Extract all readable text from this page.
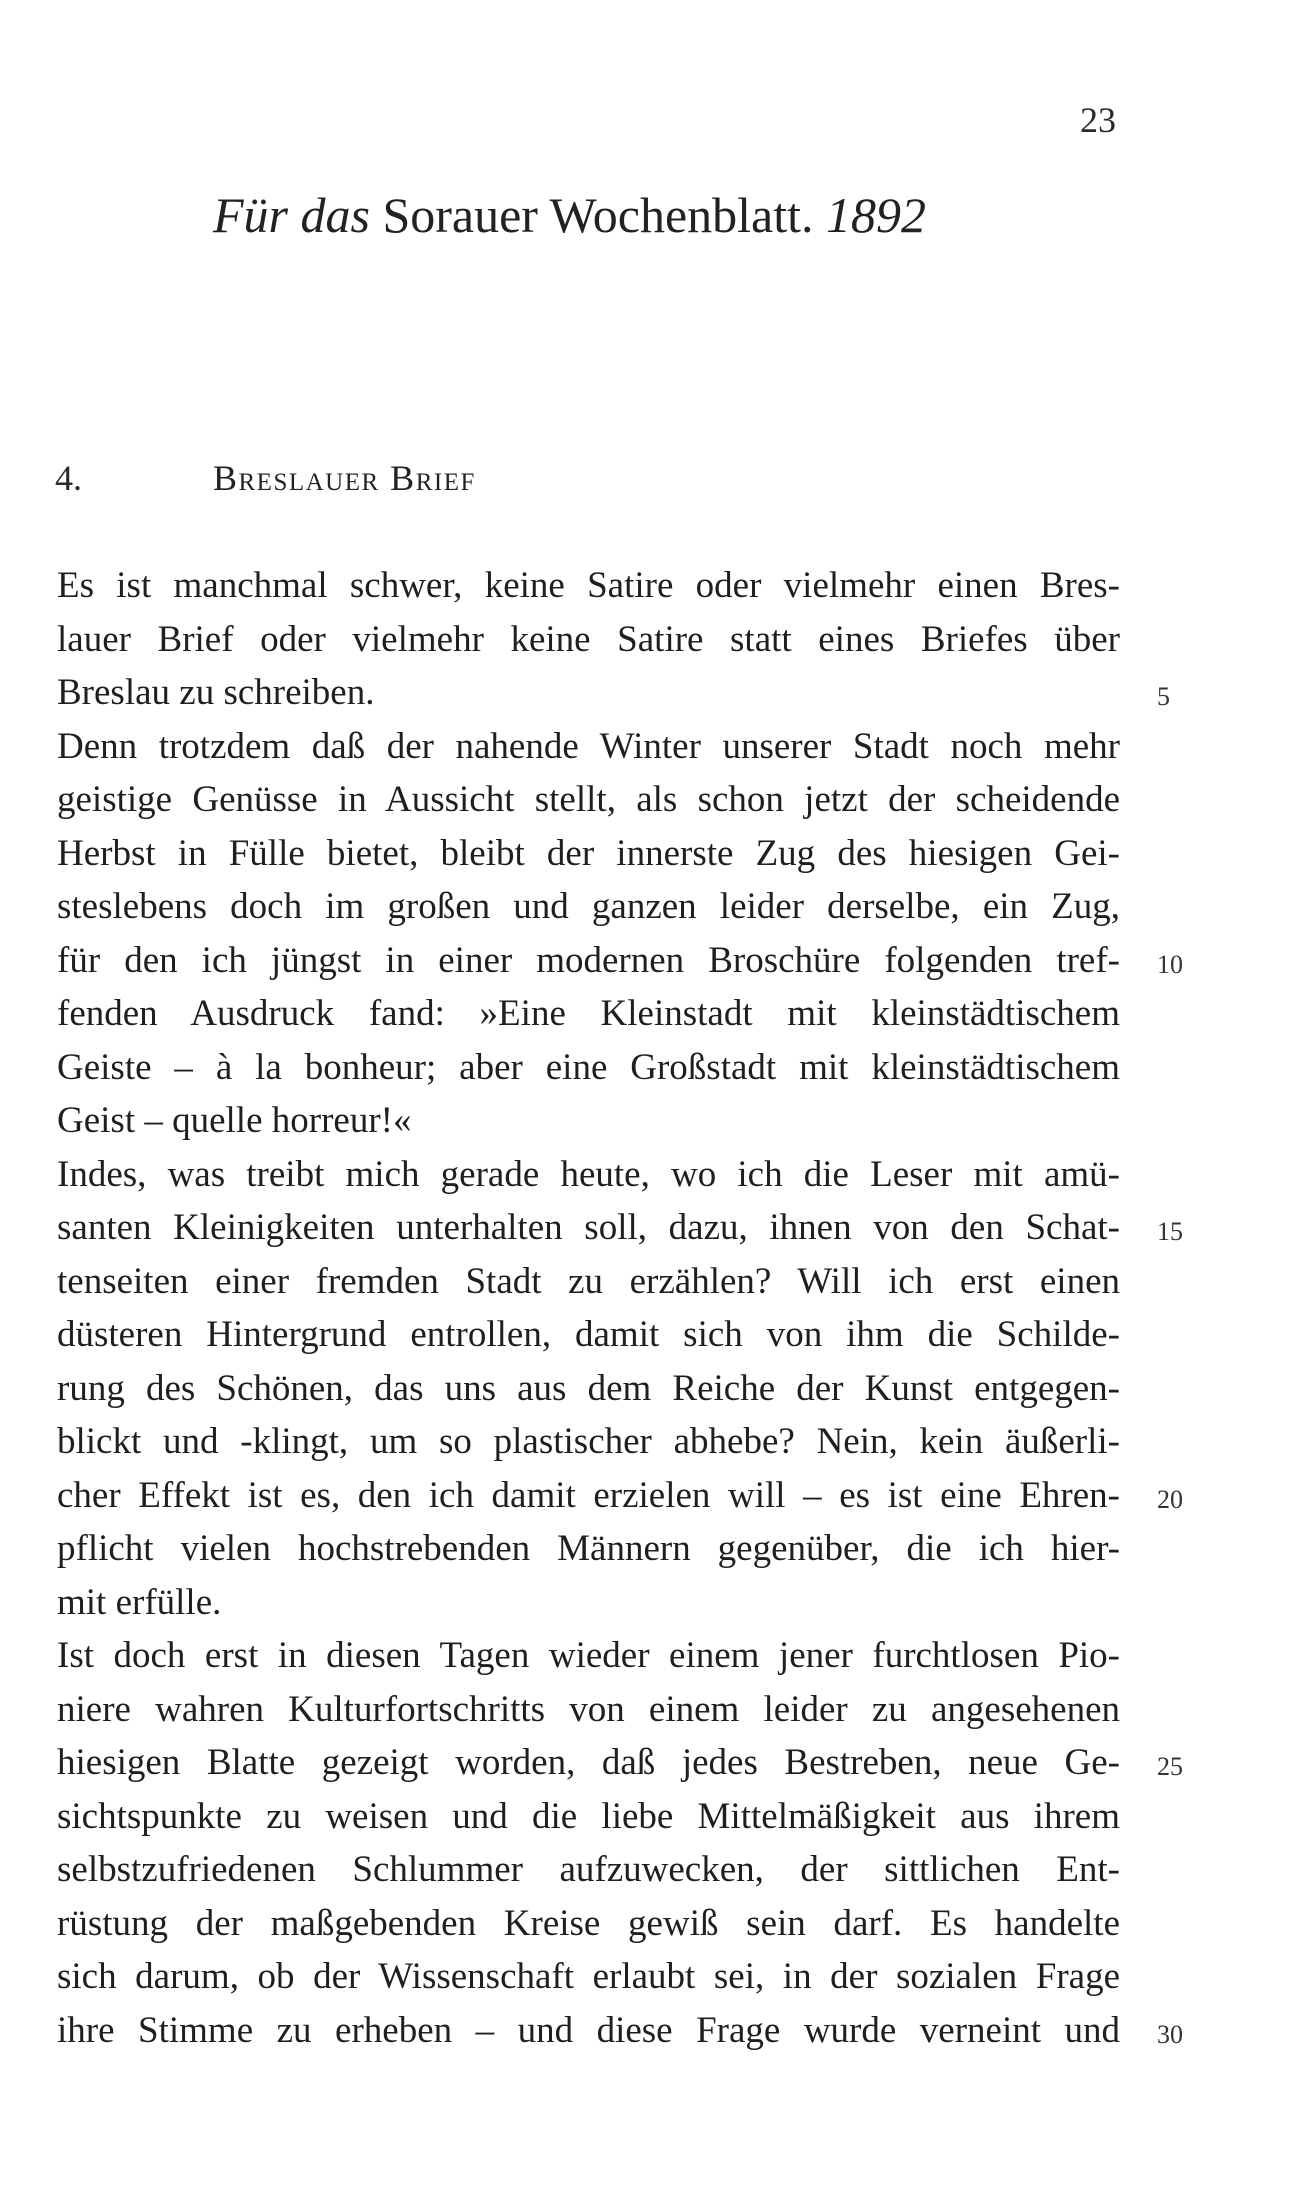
23
Für das Sorauer Wochenblatt. 1892
4.	Breslauer Brief
Es ist manchmal schwer, keine Satire oder vielmehr einen Bres-
lauer Brief oder vielmehr keine Satire statt eines Briefes über
Breslau zu schreiben.
Denn trotzdem daß der nahende Winter unserer Stadt noch mehr
geistige Genüsse in Aussicht stellt, als schon jetzt der scheidende
Herbst in Fülle bietet, bleibt der innerste Zug des hiesigen Gei-
steslebens doch im großen und ganzen leider derselbe, ein Zug,
für den ich jüngst in einer modernen Broschüre folgenden tref-
fenden Ausdruck fand: »Eine Kleinstadt mit kleinstädtischem
Geiste – à la bonheur; aber eine Großstadt mit kleinstädtischem
Geist – quelle horreur!«
Indes, was treibt mich gerade heute, wo ich die Leser mit amü-
santen Kleinigkeiten unterhalten soll, dazu, ihnen von den Schat-
tenseiten einer fremden Stadt zu erzählen? Will ich erst einen
düsteren Hintergrund entrollen, damit sich von ihm die Schilde-
rung des Schönen, das uns aus dem Reiche der Kunst entgegen-
blickt und -klingt, um so plastischer abhebe? Nein, kein äußerli-
cher Effekt ist es, den ich damit erzielen will – es ist eine Ehren-
pflicht vielen hochstrebenden Männern gegenüber, die ich hier-
mit erfülle.
Ist doch erst in diesen Tagen wieder einem jener furchtlosen Pio-
niere wahren Kulturfortschritts von einem leider zu angesehenen
hiesigen Blatte gezeigt worden, daß jedes Bestreben, neue Ge-
sichtspunkte zu weisen und die liebe Mittelmäßigkeit aus ihrem
selbstzufriedenen Schlummer aufzuwecken, der sittlichen Ent-
rüstung der maßgebenden Kreise gewiß sein darf. Es handelte
sich darum, ob der Wissenschaft erlaubt sei, in der sozialen Frage
ihre Stimme zu erheben – und diese Frage wurde verneint und
5
10
15
20
25
30
